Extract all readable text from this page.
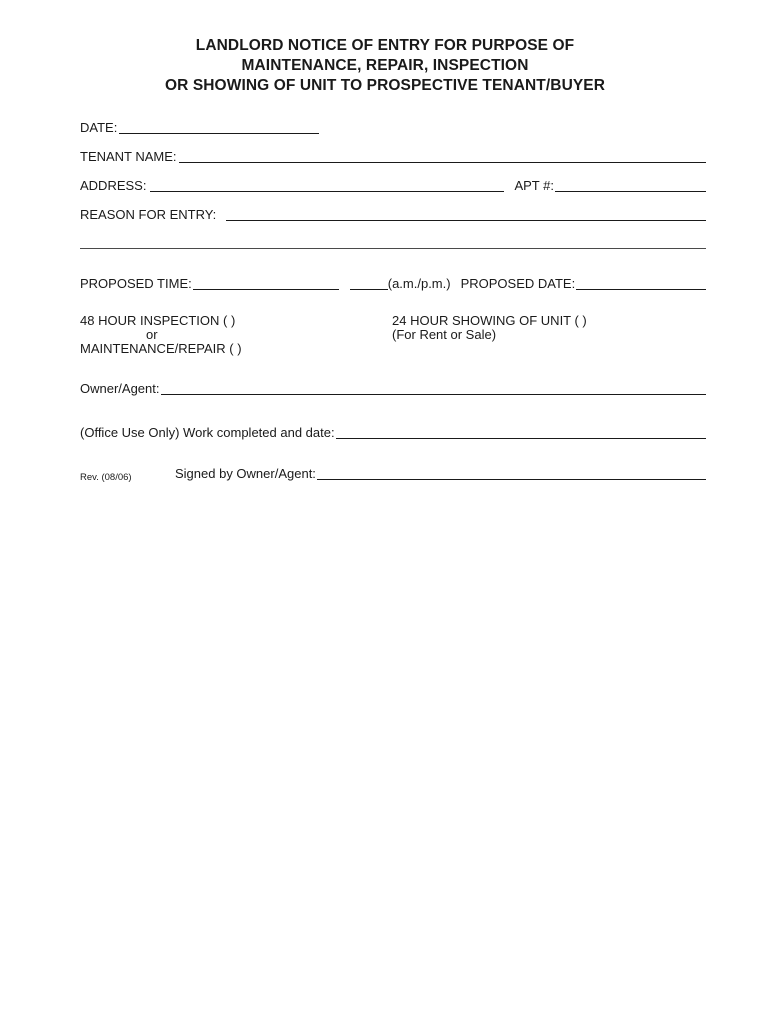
LANDLORD NOTICE OF ENTRY FOR PURPOSE OF
MAINTENANCE, REPAIR, INSPECTION
OR SHOWING OF UNIT TO PROSPECTIVE TENANT/BUYER
DATE:
TENANT NAME:
ADDRESS:	APT #:
REASON FOR ENTRY:
PROPOSED TIME:	(a.m./p.m.) PROPOSED DATE:
48 HOUR INSPECTION ( )
or
MAINTENANCE/REPAIR ( )
24 HOUR SHOWING OF UNIT ( )
(For Rent or Sale)
Owner/Agent:
(Office Use Only) Work completed and date:
Rev. (08/06)	Signed by Owner/Agent:
